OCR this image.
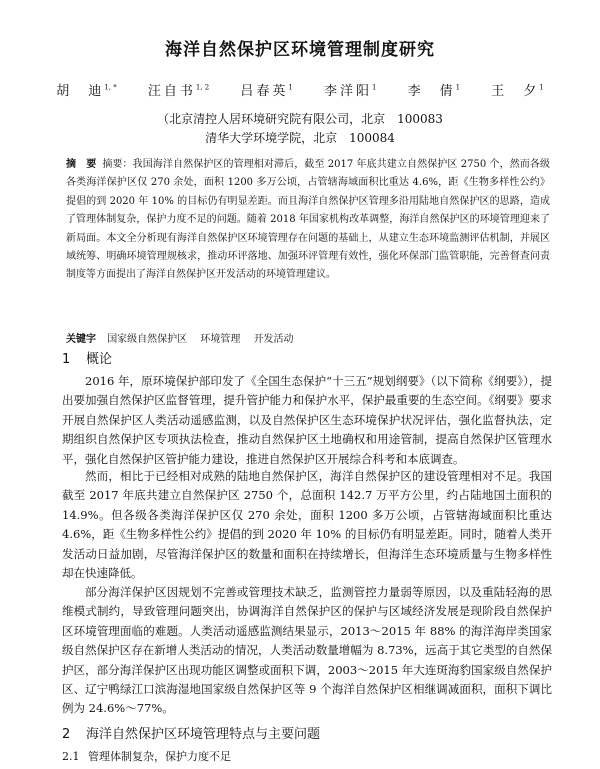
海洋自然保护区环境管理制度研究
胡　迪$^{1, *}$ 汪自书$^{1, 2}$ 吕春英$^1$ 李洋阳$^1$ 李　倩$^1$ 王　夕$^1$
（北京清控人居环境研究院有限公司，北京　100083
清华大学环境学院，北京　100084

摘　要 摘要：我国海洋自然保护区的管理相对滞后，截至 2017 年底共建立自然保护区 2750 个，然而各级各类海洋保护区仅 270 余处，面积 1200 多万公顷，占管辖海域面积比重达 4.6%，距《生物多样性公约》提倡的到 2020 年 10% 的目标仍有明显差距。而且海洋自然保护区管理多沿用陆地自然保护区的思路，造成了管理体制复杂，保护力度不足的问题。随着 2018 年国家机构改革调整，海洋自然保护区的环境管理迎来了新局面。本文全分析现有海洋自然保护区环境管理存在问题的基础上，从建立生态环境监测评估机制，并展区域统筹、明确环境管理规核求，推动环评落地、加强环评管理有效性，强化环保部门监管职能，完善督查问责制度等方面提出了海洋自然保护区开发活动的环境管理建议。

关键字 国家级自然保护区 环境管理 开发活动
1 概论

2016 年，原环境保护部印发了《全国生态保护“十三五”规划纲要》（以下简称《纲要》），提出要加强自然保护区监督管理，提升管护能力和保护水平，保护最重要的生态空间。《纲要》要求开展自然保护区人类活动遥感监测，以及自然保护区生态环境保护状况评估，强化监督执法，定期组织自然保护区专项执法检查，推动自然保护区土地确权和用途管制，提高自然保护区管理水平，强化自然保护区管护能力建设，推进自然保护区开展综合科考和本底调查。

然而，相比于已经相对成熟的陆地自然保护区，海洋自然保护区的建设管理相对不足。我国截至 2017 年底共建立自然保护区 2750 个，总面积 142.7 万平方公里，约占陆地国土面积的 14.9%。但各级各类海洋保护区仅 270 余处，面积 1200 多万公顷，占管辖海域面积比重达 4.6%，距《生物多样性公约》提倡的到 2020 年 10% 的目标仍有明显差距。同时，随着人类开发活动日益加剧，尽管海洋保护区的数量和面积在持续增长，但海洋生态环境质量与生物多样性却在快速降低。

部分海洋保护区因规划不完善或管理技术缺乏，监测管控力量弱等原因，以及重陆轻海的思维模式制约，导致管理问题突出，协调海洋自然保护区的保护与区域经济发展是现阶段自然保护区环境管理面临的难题。人类活动遥感监测结果显示，2013～2015 年 88% 的海洋海岸类国家级自然保护区存在新增人类活动的情况，人类活动数量增幅为 8.73%，远高于其它类型的自然保护区，部分海洋保护区出现功能区调整或面积下调，2003～2015 年大连斑海豹国家级自然保护区、辽宁鸭绿江口滨海湿地国家级自然保护区等 9 个海洋自然保护区相继调减面积，面积下调比例为 24.6%～77%。

2 海洋自然保护区环境管理特点与主要问题
2.1 管理体制复杂，保护力度不足
